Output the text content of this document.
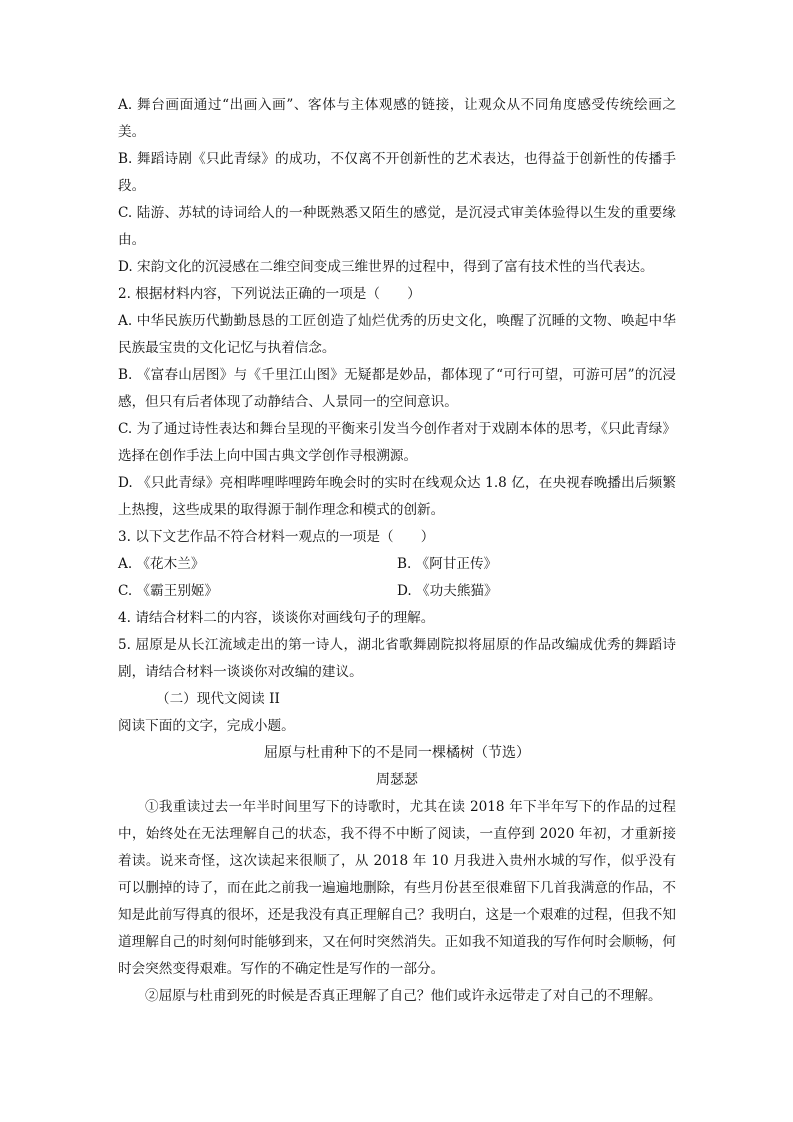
A. 舞台画面通过“出画入画”、客体与主体观感的链接，让观众从不同角度感受传统绘画之美。
B. 舞蹈诗剧《只此青绿》的成功，不仅离不开创新性的艺术表达，也得益于创新性的传播手段。
C. 陆游、苏轼的诗词给人的一种既熟悉又陌生的感觉，是沉浸式审美体验得以生发的重要缘由。
D. 宋韵文化的沉浸感在二维空间变成三维世界的过程中，得到了富有技术性的当代表达。
2. 根据材料内容，下列说法正确的一项是（　　）
A. 中华民族历代勤勤恳恳的工匠创造了灿烂优秀的历史文化，唤醒了沉睡的文物、唤起中华民族最宝贵的文化记忆与执着信念。
B. 《富春山居图》与《千里江山图》无疑都是妙品，都体现了“可行可望，可游可居”的沉浸感，但只有后者体现了动静结合、人景同一的空间意识。
C. 为了通过诗性表达和舞台呈现的平衡来引发当今创作者对于戏剧本体的思考，《只此青绿》选择在创作手法上向中国古典文学创作寻根溯源。
D. 《只此青绿》亮相哔哩哔哩跨年晚会时的实时在线观众达 1.8 亿，在央视春晚播出后频繁上热搜，这些成果的取得源于制作理念和模式的创新。
3. 以下文艺作品不符合材料一观点的一项是（　　）
A. 《花木兰》	B. 《阿甘正传》
C. 《霸王别姬》	D. 《功夫熊猫》
4. 请结合材料二的内容，谈谈你对画线句子的理解。
5. 屈原是从长江流域走出的第一诗人，湖北省歌舞剧院拟将屈原的作品改编成优秀的舞蹈诗剧，请结合材料一谈谈你对改编的建议。
（二）现代文阅读 II
阅读下面的文字，完成小题。
屈原与杜甫种下的不是同一棵橘树（节选）
周瑟瑟
①我重读过去一年半时间里写下的诗歌时，尤其在读 2018 年下半年写下的作品的过程中，始终处在无法理解自己的状态，我不得不中断了阅读，一直停到 2020 年初，才重新接着读。说来奇怪，这次读起来很顺了，从 2018 年 10 月我进入贵州水城的写作，似乎没有可以删掉的诗了，而在此之前我一遍遍地删除，有些月份甚至很难留下几首我满意的作品，不知是此前写得真的很坏，还是我没有真正理解自己？我明白，这是一个艰难的过程，但我不知道理解自己的时刻何时能够到来，又在何时突然消失。正如我不知道我的写作何时会顺畅，何时会突然变得艰难。写作的不确定性是写作的一部分。
②屈原与杜甫到死的时候是否真正理解了自己？他们或许永远带走了对自己的不理解。
